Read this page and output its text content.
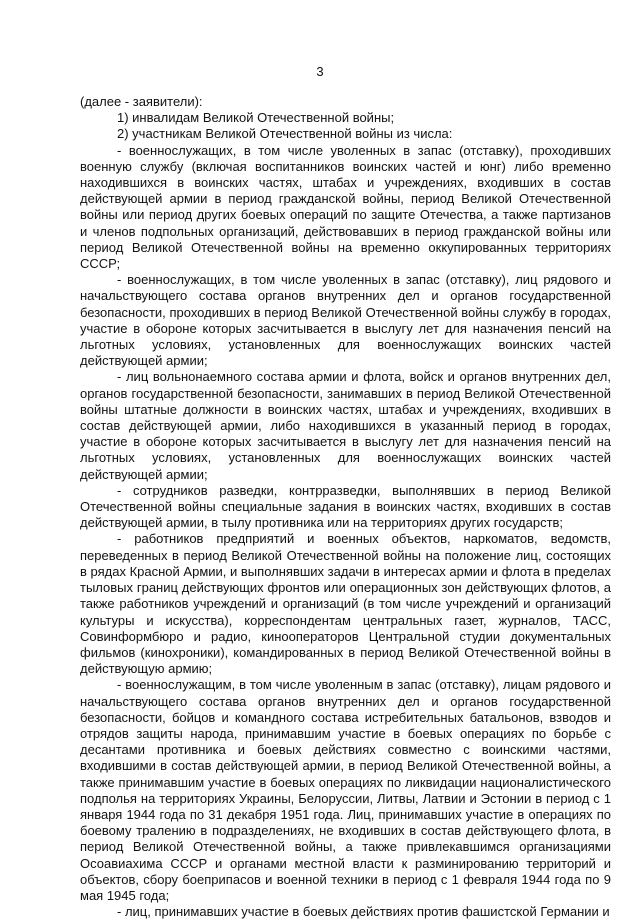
3

(далее - заявители):

1) инвалидам Великой Отечественной войны;

2) участникам Великой Отечественной войны из числа:

- военнослужащих, в том числе уволенных в запас (отставку), проходивших военную службу (включая воспитанников воинских частей и юнг) либо временно находившихся в воинских частях, штабах и учреждениях, входивших в состав действующей армии в период гражданской войны, период Великой Отечественной войны или период других боевых операций по защите Отечества, а также партизанов и членов подпольных организаций, действовавших в период гражданской войны или период Великой Отечественной войны на временно оккупированных территориях СССР;

- военнослужащих, в том числе уволенных в запас (отставку), лиц рядового и начальствующего состава органов внутренних дел и органов государственной безопасности, проходивших в период Великой Отечественной войны службу в городах, участие в обороне которых засчитывается в выслугу лет для назначения пенсий на льготных условиях, установленных для военнослужащих воинских частей действующей армии;

- лиц вольнонаемного состава армии и флота, войск и органов внутренних дел, органов государственной безопасности, занимавших в период Великой Отечественной войны штатные должности в воинских частях, штабах и учреждениях, входивших в состав действующей армии, либо находившихся в указанный период в городах, участие в обороне которых засчитывается в выслугу лет для назначения пенсий на льготных условиях, установленных для военнослужащих воинских частей действующей армии;

- сотрудников разведки, контрразведки, выполнявших в период Великой Отечественной войны специальные задания в воинских частях, входивших в состав действующей армии, в тылу противника или на территориях других государств;

- работников предприятий и военных объектов, наркоматов, ведомств, переведенных в период Великой Отечественной войны на положение лиц, состоящих в рядах Красной Армии, и выполнявших задачи в интересах армии и флота в пределах тыловых границ действующих фронтов или операционных зон действующих флотов, а также работников учреждений и организаций (в том числе учреждений и организаций культуры и искусства), корреспондентам центральных газет, журналов, ТАСС, Совинформбюро и радио, кинооператоров Центральной студии документальных фильмов (кинохроники), командированных в период Великой Отечественной войны в действующую армию;

- военнослужащим, в том числе уволенным в запас (отставку), лицам рядового и начальствующего состава органов внутренних дел и органов государственной безопасности, бойцов и командного состава истребительных батальонов, взводов и отрядов защиты народа, принимавшим участие в боевых операциях по борьбе с десантами противника и боевых действиях совместно с воинскими частями, входившими в состав действующей армии, в период Великой Отечественной войны, а также принимавшим участие в боевых операциях по ликвидации националистического подполья на территориях Украины, Белоруссии, Литвы, Латвии и Эстонии в период с 1 января 1944 года по 31 декабря 1951 года. Лиц, принимавших участие в операциях по боевому тралению в подразделениях, не входивших в состав действующего флота, в период Великой Отечественной войны, а также привлекавшимся организациями Осоавиахима СССР и органами местной власти к разминированию территорий и объектов, сбору боеприпасов и военной техники в период с 1 февраля 1944 года по 9 мая 1945 года;

- лиц, принимавших участие в боевых действиях против фашистской Германии и
